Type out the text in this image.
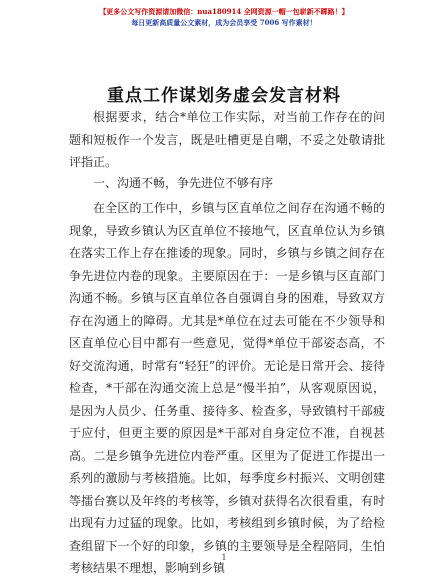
【更多公文写作资源请加微信：nua180914 全网资源一帽一包崭新不踯路！】
每日更新高质量公文素材，成为会员享受 7006 写作素材！
重点工作谋划务虚会发言材料

根据要求，结合*单位工作实际，对当前工作存在的问题和短板作一个发言，既是吐槽更是自嘲，不妥之处敬请批评指正。

一、沟通不畅，争先进位不够有序

在全区的工作中，乡镇与区直单位之间存在沟通不畅的现象，导致乡镇认为区直单位不接地气，区直单位认为乡镇在落实工作上存在推诿的现象。同时，乡镇与乡镇之间存在争先进位内卷的现象。主要原因在于：一是乡镇与区直部门沟通不畅。乡镇与区直单位各自强调自身的困难，导致双方存在沟通上的障碍。尤其是*单位在过去可能在不少领导和区直单位心目中都有一些意见，觉得*单位干部姿态高，不好交流沟通，时常有“轻狂”的评价。无论是日常开会、接待检查，*干部在沟通交流上总是“慢半拍”，从客观原因说，是因为人员少、任务重、接待多、检查多，导致镇村干部疲于应付，但更主要的原因是*干部对自身定位不准，自视甚高。二是乡镇争先进位内卷严重。区里为了促进工作提出一系列的激励与考核措施。比如，每季度乡村振兴、文明创建等擂台赛以及年终的考核等，乡镇对获得名次很看重，有时出现有力过猛的现象。比如，考核组到乡镇时候，为了给检查组留下一个好的印象，乡镇的主要领导是全程陪同，生怕考核结果不理想，影响到乡镇

1
